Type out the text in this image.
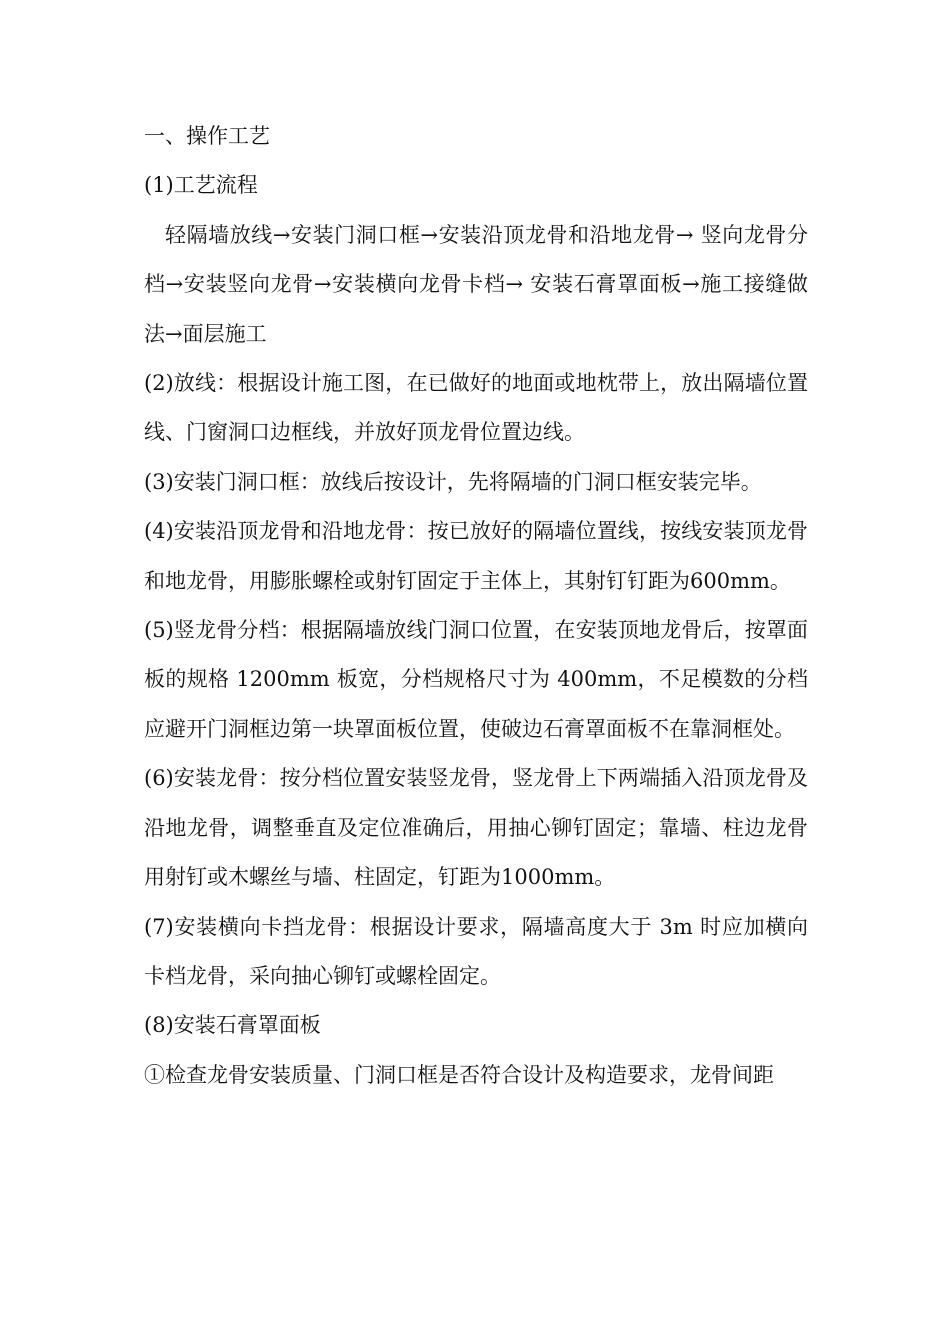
一、操作工艺

(1)工艺流程

轻隔墙放线→安装门洞口框→安装沿顶龙骨和沿地龙骨→ 竖向龙骨分档→安装竖向龙骨→安装横向龙骨卡档→ 安装石膏罩面板→施工接缝做法→面层施工

(2)放线：根据设计施工图，在已做好的地面或地枕带上，放出隔墙位置线、门窗洞口边框线，并放好顶龙骨位置边线。

(3)安装门洞口框：放线后按设计，先将隔墙的门洞口框安装完毕。

(4)安装沿顶龙骨和沿地龙骨：按已放好的隔墙位置线，按线安装顶龙骨和地龙骨，用膨胀螺栓或射钉固定于主体上，其射钉钉距为600mm。

(5)竖龙骨分档：根据隔墙放线门洞口位置，在安装顶地龙骨后，按罩面板的规格 1200mm 板宽，分档规格尺寸为 400mm，不足模数的分档应避开门洞框边第一块罩面板位置，使破边石膏罩面板不在靠洞框处。

(6)安装龙骨：按分档位置安装竖龙骨，竖龙骨上下两端插入沿顶龙骨及沿地龙骨，调整垂直及定位准确后，用抽心铆钉固定；靠墙、柱边龙骨用射钉或木螺丝与墙、柱固定，钉距为1000mm。

(7)安装横向卡挡龙骨：根据设计要求，隔墙高度大于 3m 时应加横向卡档龙骨，采向抽心铆钉或螺栓固定。

(8)安装石膏罩面板

①检查龙骨安装质量、门洞口框是否符合设计及构造要求，龙骨间距
